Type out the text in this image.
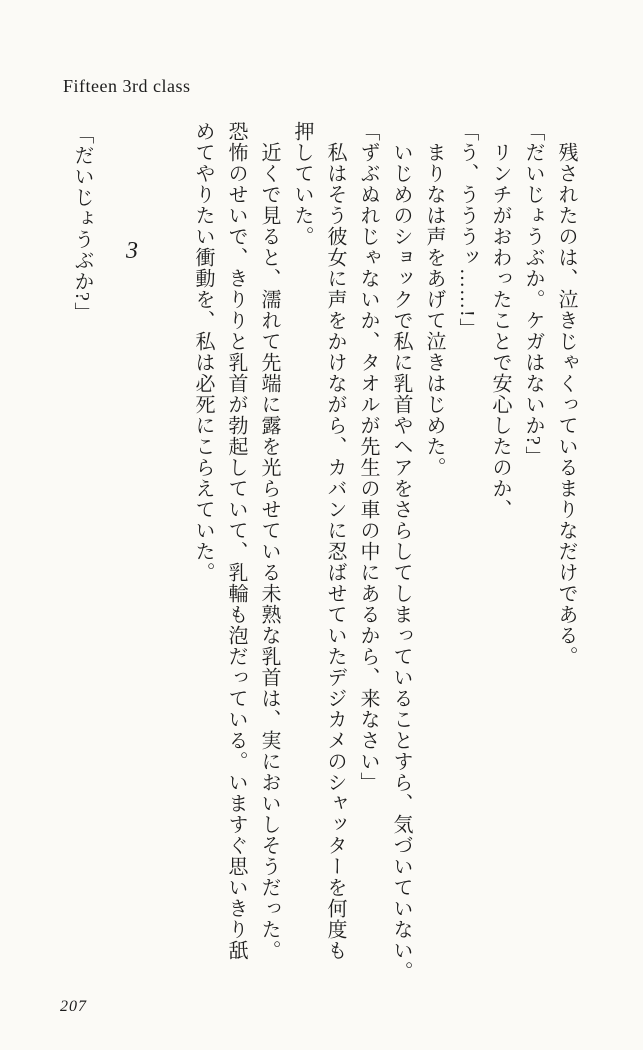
Fifteen 3rd class

残されたのは、泣きじゃくっているまりなだけである。

「だいじょうぶか。ケガはないか?」

リンチがおわったことで安心したのか、

「う、うううッ……!」

まりなは声をあげて泣きはじめた。

いじめのショックで私に乳首やヘアをさらしてしまっていることすら、気づいていない。

「ずぶぬれじゃないか、タオルが先生の車の中にあるから、来なさい」

私はそう彼女に声をかけながら、カバンに忍ばせていたデジカメのシャッターを何度も

押していた。

近くで見ると、濡れて先端に露を光らせている未熟な乳首は、実においしそうだった。

恐怖のせいで、きりりと乳首が勃起していて、乳輪も泡だっている。いますぐ思いきり舐

めてやりたい衝動を、私は必死にこらえていた。

3
「だいじょうぶか?」
207
